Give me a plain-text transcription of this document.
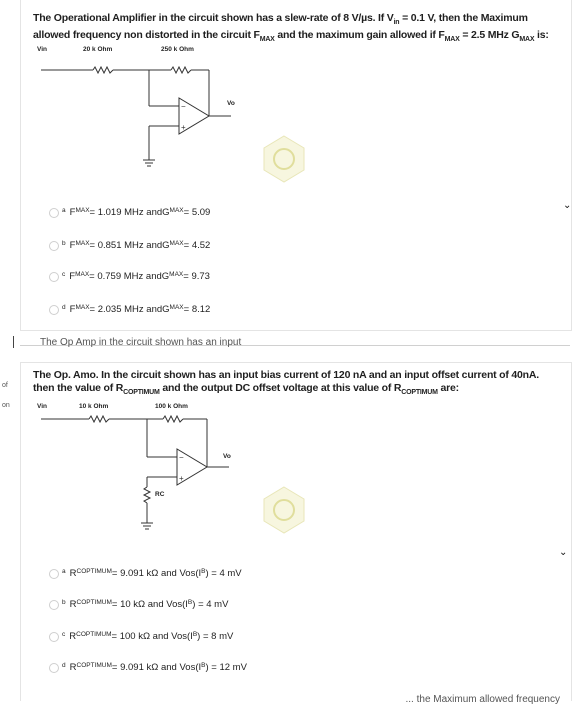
The Operational Amplifier in the circuit shown has a slew-rate of 8 V/µs. If $V_{in} = 0.1$ V, then the Maximum allowed frequency non distorted in the circuit $F_{MAX}$ and the maximum gain allowed if $F_{MAX} = 2.5$ MHz $G_{MAX}$ is:
Vin	20 k Ohm	250 k Ohm
Vo
−
+
a $F^{MAX} = 1.019$ MHz and $G^{MAX} = 5.09$
b $F^{MAX} = 0.851$ MHz and $G^{MAX} = 4.52$
c $F^{MAX} = 0.759$ MHz and $G^{MAX} = 9.73$
d $F^{MAX} = 2.035$ MHz and $G^{MAX} = 8.12$
⌄
The Op Amp in the circuit shown has an input
of
on
The Op. Amo. In the circuit shown has an input bias current of 120 nA and an input offset current of 40nA. then the value of $R_{COPTIMUM}$ and the output DC offset voltage at this value of $R_{COPTIMUM}$ are:
Vin	10 k Ohm	100 k Ohm
Vo
RC
−
+
a $R^{COPTIMUM} = 9.091$ kΩ and $Vos(I^B$ ) = 4 mV
b $R^{COPTIMUM} = 10$ kΩ and $Vos(I^B$ ) = 4 mV
c $R^{COPTIMUM} = 100$ kΩ and $Vos(I^B$ ) = 8 mV
d $R^{COPTIMUM} = 9.091$ kΩ and $Vos(I^B$ ) = 12 mV
⌄
... the Maximum allowed frequency
